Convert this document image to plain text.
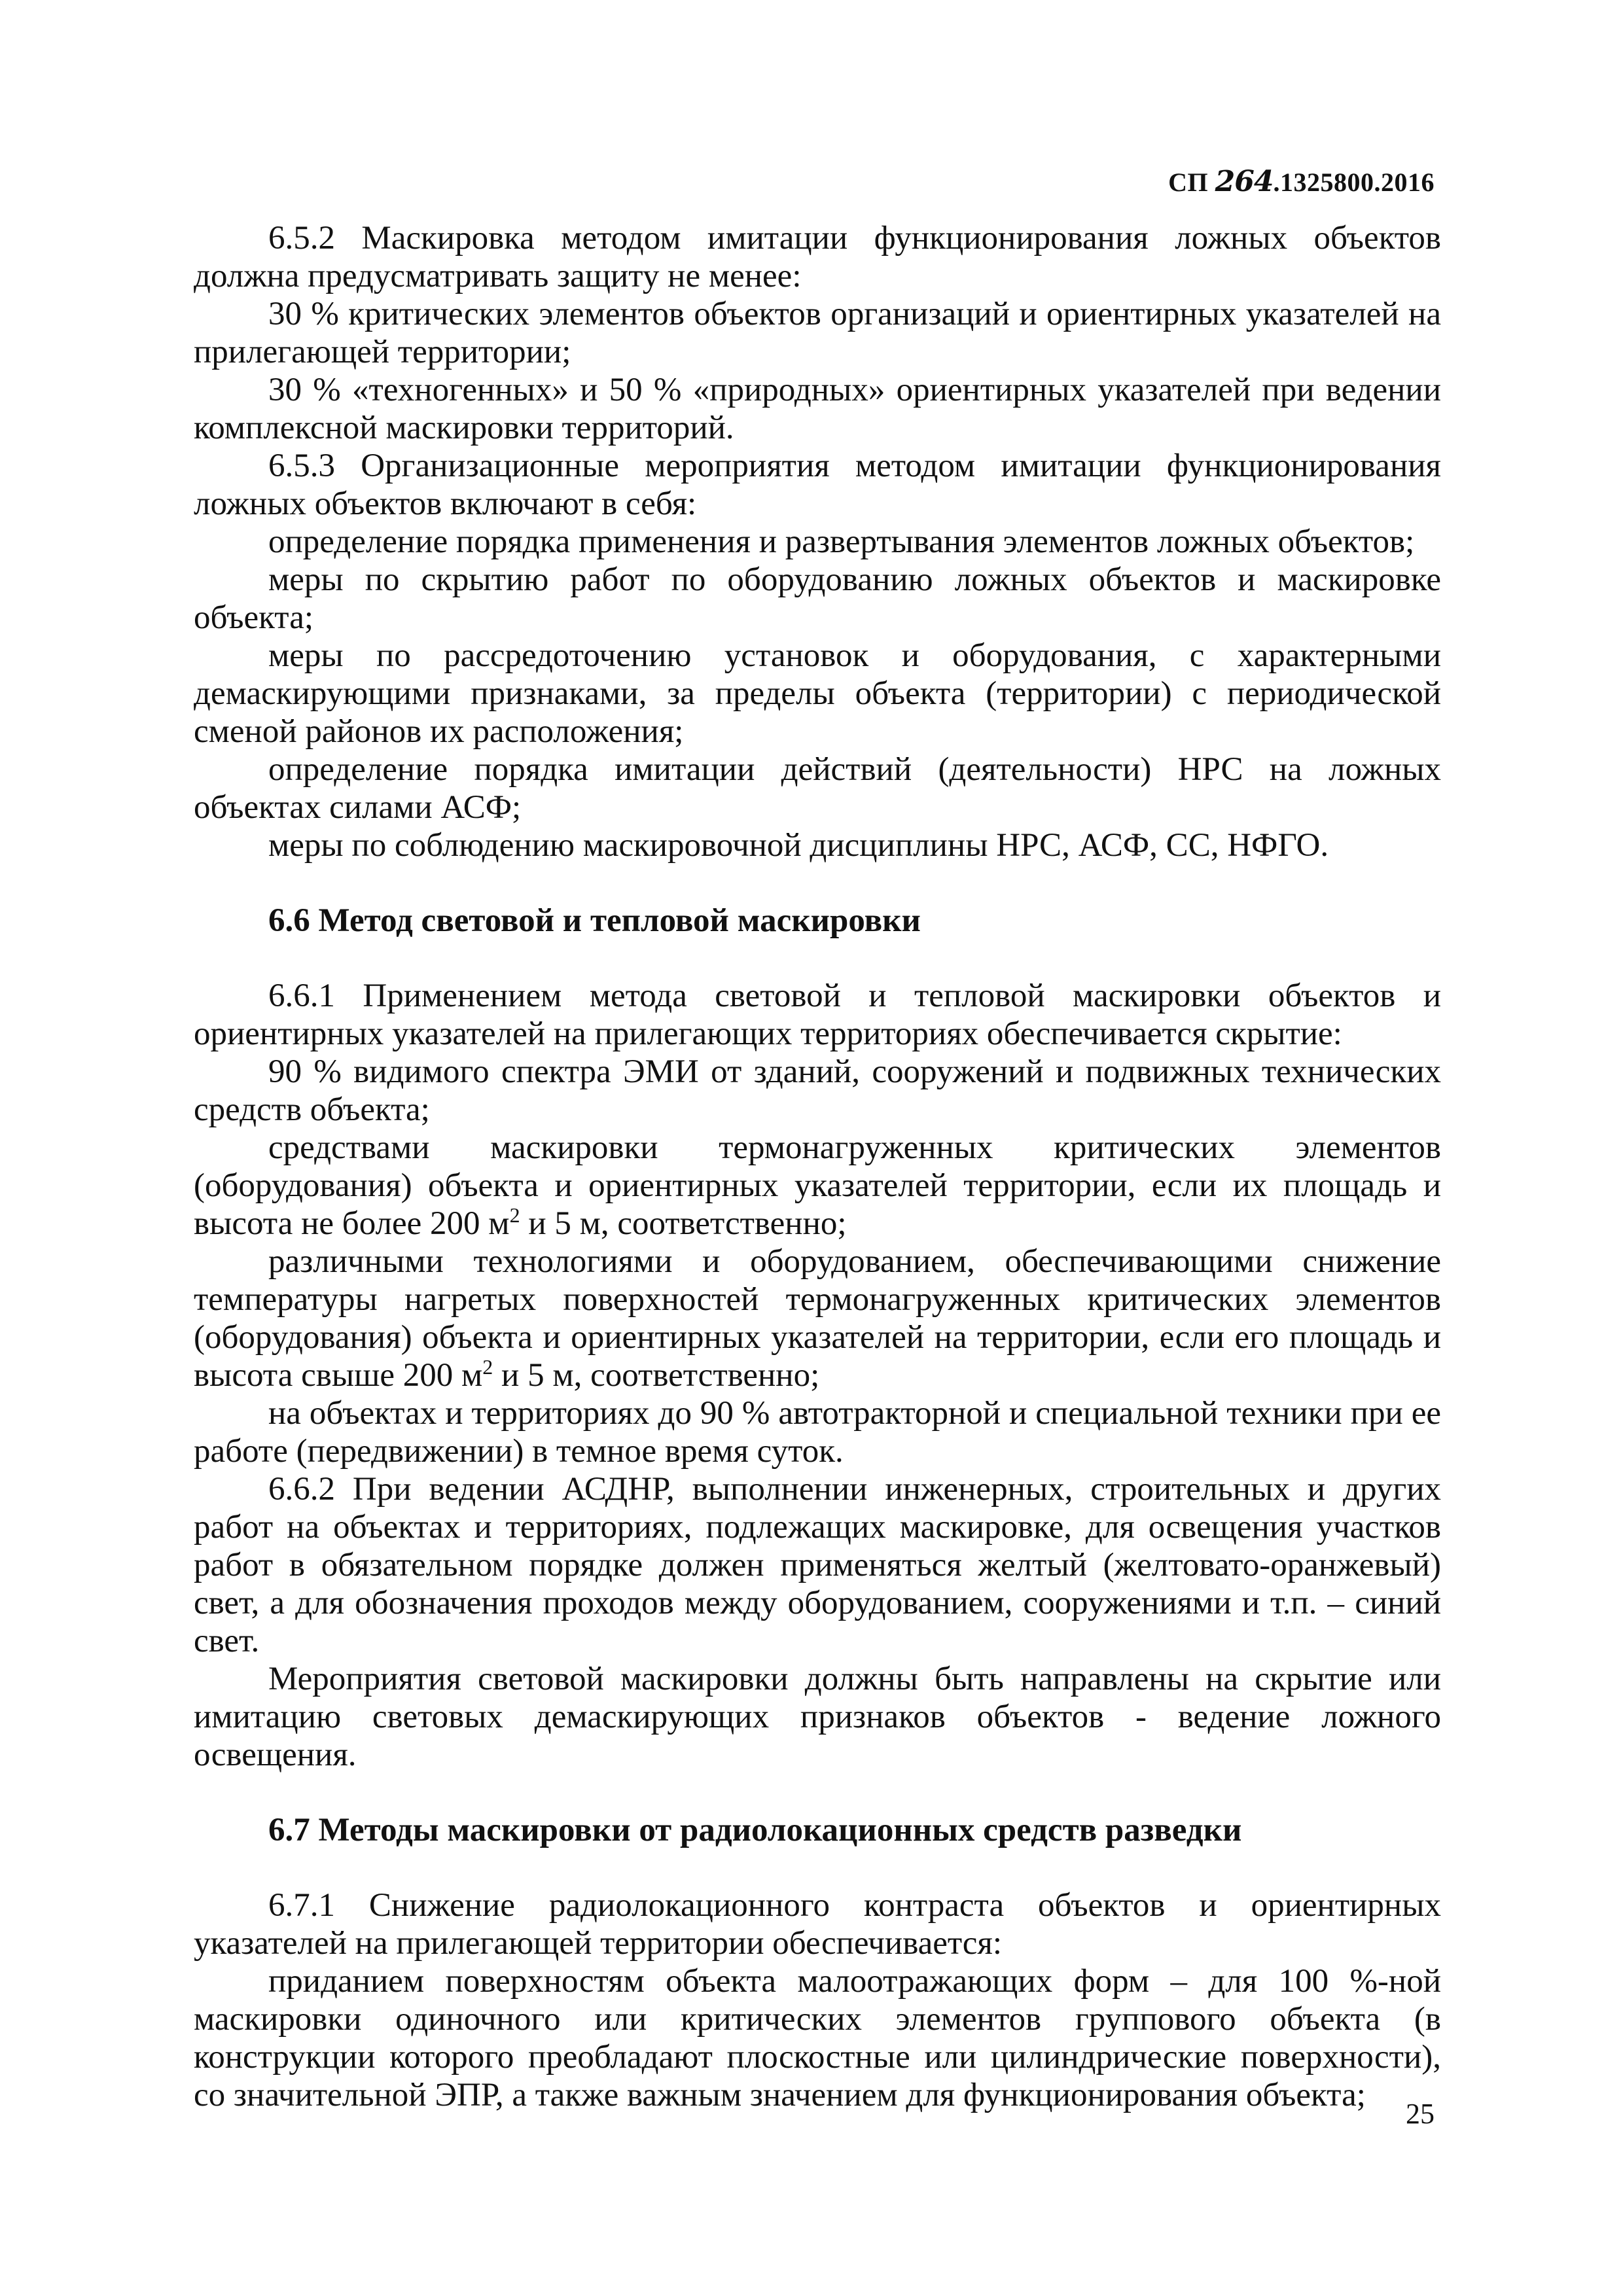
СП 264.1325800.2016

6.5.2 Маскировка методом имитации функционирования ложных объектов должна предусматривать защиту не менее:

30 % критических элементов объектов организаций и ориентирных указателей на прилегающей территории;

30 % «техногенных» и 50 % «природных» ориентирных указателей при ведении комплексной маскировки территорий.

6.5.3 Организационные мероприятия методом имитации функционирования ложных объектов включают в себя:

определение порядка применения и развертывания элементов ложных объектов;

меры по скрытию работ по оборудованию ложных объектов и маскировке объекта;

меры по рассредоточению установок и оборудования, с характерными демаскирующими признаками, за пределы объекта (территории) с периодической сменой районов их расположения;

определение порядка имитации действий (деятельности) НРС на ложных объектах силами АСФ;

меры по соблюдению маскировочной дисциплины НРС, АСФ, СС, НФГО.

6.6 Метод световой и тепловой маскировки

6.6.1 Применением метода световой и тепловой маскировки объектов и ориентирных указателей на прилегающих территориях обеспечивается скрытие:

90 % видимого спектра ЭМИ от зданий, сооружений и подвижных технических средств объекта;

средствами маскировки термонагруженных критических элементов (оборудования) объекта и ориентирных указателей территории, если их площадь и высота не более 200 $м^2$ и 5 м, соответственно;

различными технологиями и оборудованием, обеспечивающими снижение температуры нагретых поверхностей термонагруженных критических элементов (оборудования) объекта и ориентирных указателей на территории, если его площадь и высота свыше 200 $м^2$ и 5 м, соответственно;

на объектах и территориях до 90 % автотракторной и специальной техники при ее работе (передвижении) в темное время суток.

6.6.2 При ведении АСДНР, выполнении инженерных, строительных и других работ на объектах и территориях, подлежащих маскировке, для освещения участков работ в обязательном порядке должен применяться желтый (желтовато-оранжевый) свет, а для обозначения проходов между оборудованием, сооружениями и т.п. – синий свет.

Мероприятия световой маскировки должны быть направлены на скрытие или имитацию световых демаскирующих признаков объектов - ведение ложного освещения.

6.7 Методы маскировки от радиолокационных средств разведки

6.7.1 Снижение радиолокационного контраста объектов и ориентирных указателей на прилегающей территории обеспечивается:

приданием поверхностям объекта малоотражающих форм – для 100 %-ной маскировки одиночного или критических элементов группового объекта (в конструкции которого преобладают плоскостные или цилиндрические поверхности), со значительной ЭПР, а также важным значением для функционирования объекта;

25
